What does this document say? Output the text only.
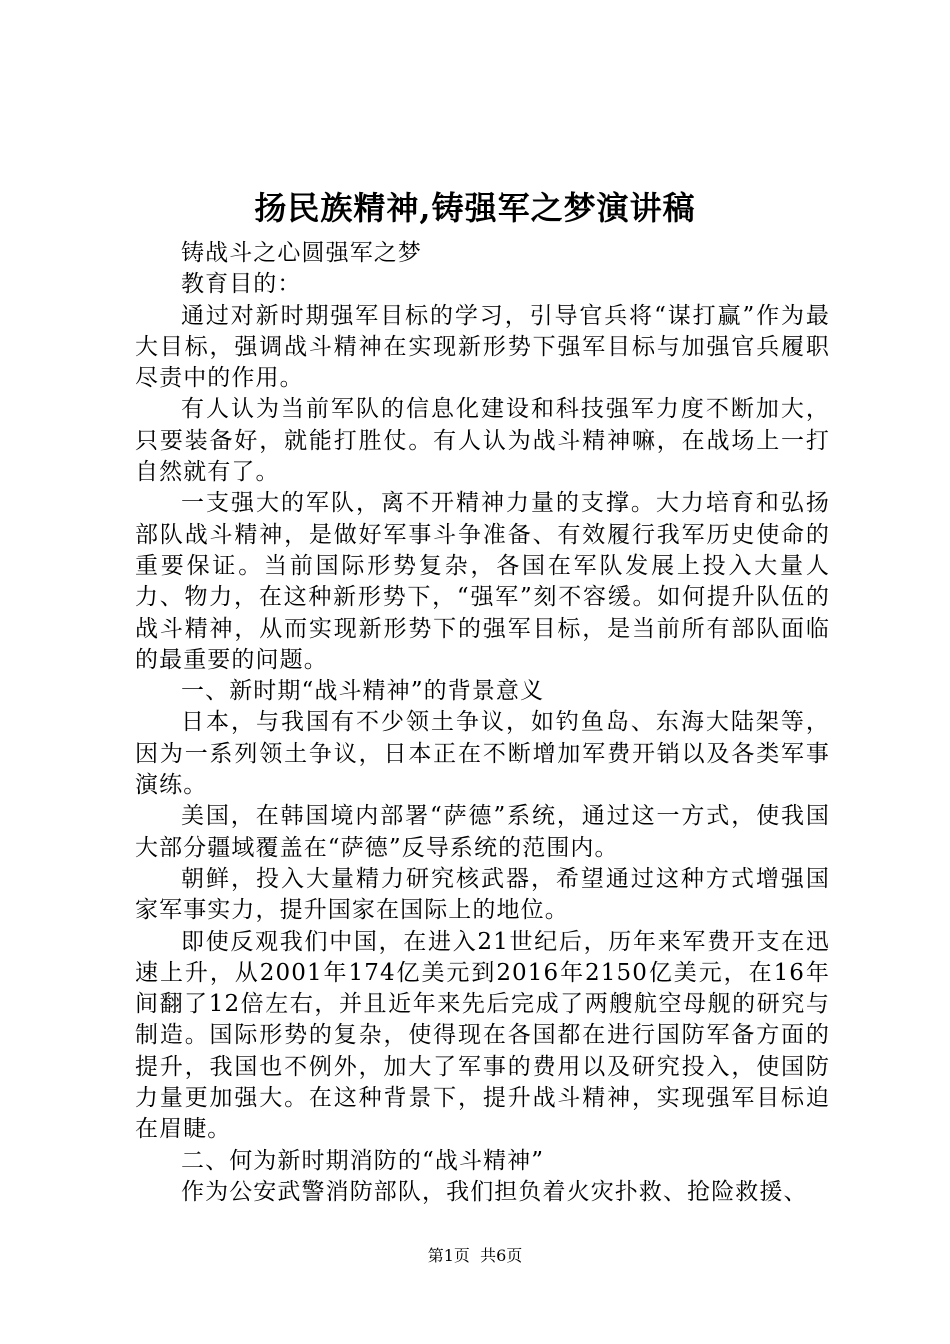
扬民族精神,铸强军之梦演讲稿

铸战斗之心圆强军之梦

教育目的：

通过对新时期强军目标的学习，引导官兵将“谋打赢”作为最大目标，强调战斗精神在实现新形势下强军目标与加强官兵履职尽责中的作用。

有人认为当前军队的信息化建设和科技强军力度不断加大，只要装备好，就能打胜仗。有人认为战斗精神嘛，在战场上一打自然就有了。

一支强大的军队，离不开精神力量的支撑。大力培育和弘扬部队战斗精神，是做好军事斗争准备、有效履行我军历史使命的重要保证。当前国际形势复杂，各国在军队发展上投入大量人力、物力，在这种新形势下，“强军”刻不容缓。如何提升队伍的战斗精神，从而实现新形势下的强军目标，是当前所有部队面临的最重要的问题。

一、新时期“战斗精神”的背景意义

日本，与我国有不少领土争议，如钓鱼岛、东海大陆架等，因为一系列领土争议，日本正在不断增加军费开销以及各类军事演练。

美国，在韩国境内部署“萨德”系统，通过这一方式，使我国大部分疆域覆盖在“萨德”反导系统的范围内。

朝鲜，投入大量精力研究核武器，希望通过这种方式增强国家军事实力，提升国家在国际上的地位。

即使反观我们中国，在进入21世纪后，历年来军费开支在迅速上升，从2001年174亿美元到2016年2150亿美元，在16年间翻了12倍左右，并且近年来先后完成了两艘航空母舰的研究与制造。国际形势的复杂，使得现在各国都在进行国防军备方面的提升，我国也不例外，加大了军事的费用以及研究投入，使国防力量更加强大。在这种背景下，提升战斗精神，实现强军目标迫在眉睫。

二、何为新时期消防的“战斗精神”

作为公安武警消防部队，我们担负着火灾扑救、抢险救援、

第1页 共6页
